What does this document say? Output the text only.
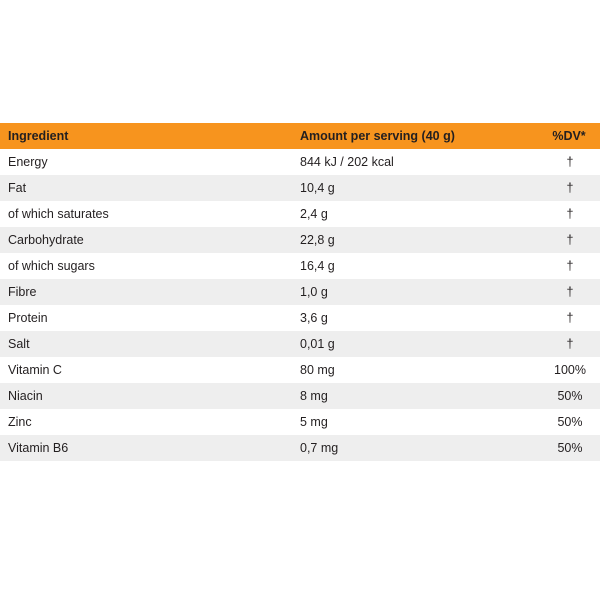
Ingredient	Amount per serving (40 g)	%DV*
Energy	844 kJ / 202 kcal	†
Fat	10,4 g	†
of which saturates	2,4 g	†
Carbohydrate	22,8 g	†
of which sugars	16,4 g	†
Fibre	1,0 g	†
Protein	3,6 g	†
Salt	0,01 g	†
Vitamin C	80 mg	100%
Niacin	8 mg	50%
Zinc	5 mg	50%
Vitamin B6	0,7 mg	50%
